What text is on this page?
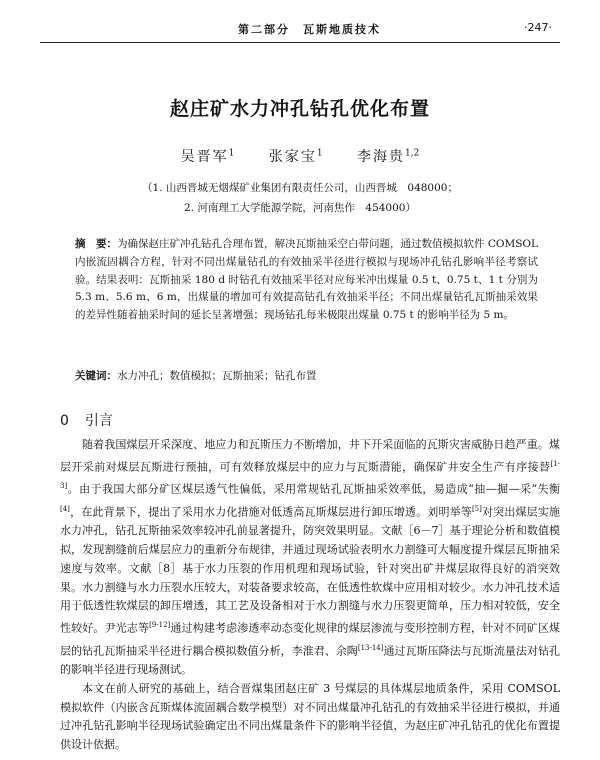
第二部分　瓦斯地质技术	·247·
赵庄矿水力冲孔钻孔优化布置
吴晋军$^1$ 张家宝$^1$ 李海贵$^{1,2}$
（1. 山西晋城无烟煤矿业集团有限责任公司，山西晋城　048000；
2. 河南理工大学能源学院，河南焦作　454000）
摘　要：为确保赵庄矿冲孔钻孔合理布置，解决瓦斯抽采空白带问题，通过数值模拟软件 COMSOL 内嵌流固耦合方程，针对不同出煤量钻孔的有效抽采半径进行模拟与现场冲孔钻孔影响半径考察试验。结果表明：瓦斯抽采 180 d 时钻孔有效抽采半径对应每米冲出煤量 0.5 t、0.75 t、1 t 分别为 5.3 m、5.6 m、6 m，出煤量的增加可有效提高钻孔有效抽采半径；不同出煤量钻孔瓦斯抽采效果的差异性随着抽采时间的延长呈著增强；现场钻孔每米极限出煤量 0.75 t 的影响半径为 5 m。
关键词：水力冲孔；数值模拟；瓦斯抽采；钻孔布置
0 引言

随着我国煤层开采深度、地应力和瓦斯压力不断增加，井下开采面临的瓦斯灾害威胁日趋严重。煤层开采前对煤层瓦斯进行预抽，可有效释放煤层中的应力与瓦斯潜能，确保矿井安全生产有序接替[1-3]。由于我国大部分矿区煤层透气性偏低，采用常规钻孔瓦斯抽采效率低，易造成“抽—掘—采”失衡[4]，在此背景下，提出了采用水力化措施对低透高瓦斯煤层进行卸压增透。刘明举等[5]对突出煤层实施水力冲孔，钻孔瓦斯抽采效率较冲孔前显著提升，防突效果明显。文献［6－7］基于理论分析和数值模拟，发现割缝前后煤层应力的重新分布规律，并通过现场试验表明水力割缝可大幅度提升煤层瓦斯抽采速度与效率。文献［8］基于水力压裂的作用机理和现场试验，针对突出矿井煤层取得良好的消突效果。水力割缝与水力压裂水压较大，对装备要求较高，在低透性软煤中应用相对较少。水力冲孔技术适用于低透性软煤层的卸压增透，其工艺及设备相对于水力割缝与水力压裂更简单，压力相对较低，安全性较好。尹光志等[9-12]通过构建考虑渗透率动态变化规律的煤层渗流与变形控制方程，针对不同矿区煤层的钻孔瓦斯抽采半径进行耦合模拟数值分析，李淮君、余陶[13-14]通过瓦斯压降法与瓦斯流量法对钻孔的影响半径进行现场测试。

本文在前人研究的基础上，结合晋煤集团赵庄矿 3 号煤层的具体煤层地质条件，采用 COMSOL 模拟软件（内嵌含瓦斯煤体流固耦合数学模型）对不同出煤量冲孔钻孔的有效抽采半径进行模拟，并通过冲孔钻孔影响半径现场试验确定出不同出煤量条件下的影响半径值，为赵庄矿冲孔钻孔的优化布置提供设计依据。
